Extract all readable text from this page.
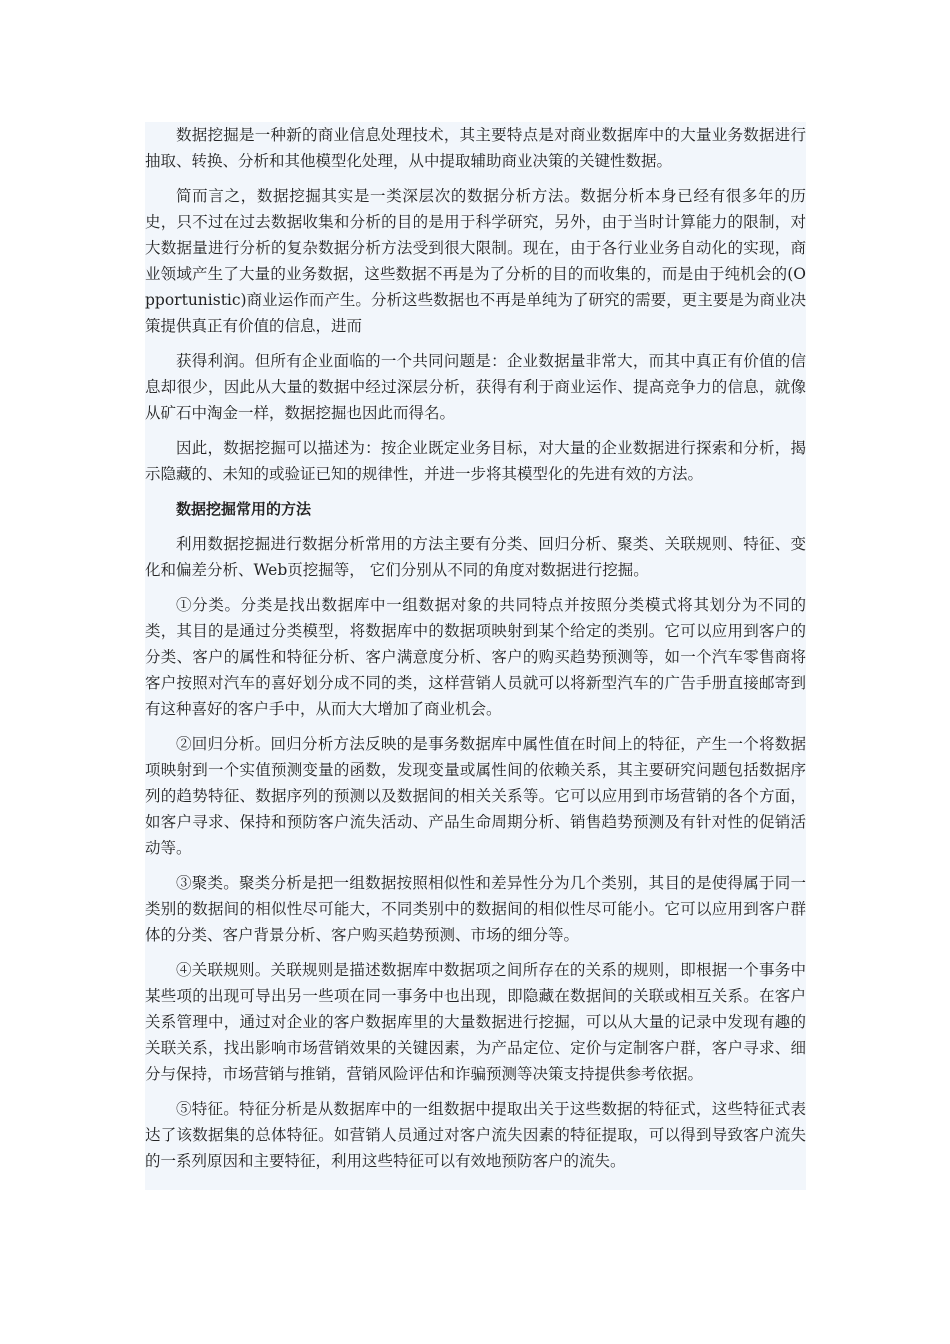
数据挖掘是一种新的商业信息处理技术，其主要特点是对商业数据库中的大量业务数据进行抽取、转换、分析和其他模型化处理，从中提取辅助商业决策的关键性数据。

简而言之，数据挖掘其实是一类深层次的数据分析方法。数据分析本身已经有很多年的历史，只不过在过去数据收集和分析的目的是用于科学研究，另外，由于当时计算能力的限制，对大数据量进行分析的复杂数据分析方法受到很大限制。现在，由于各行业业务自动化的实现，商业领域产生了大量的业务数据，这些数据不再是为了分析的目的而收集的，而是由于纯机会的(Opportunistic)商业运作而产生。分析这些数据也不再是单纯为了研究的需要，更主要是为商业决策提供真正有价值的信息，进而

获得利润。但所有企业面临的一个共同问题是：企业数据量非常大，而其中真正有价值的信息却很少，因此从大量的数据中经过深层分析，获得有利于商业运作、提高竞争力的信息，就像从矿石中淘金一样，数据挖掘也因此而得名。

因此，数据挖掘可以描述为：按企业既定业务目标，对大量的企业数据进行探索和分析，揭示隐藏的、未知的或验证已知的规律性，并进一步将其模型化的先进有效的方法。

数据挖掘常用的方法

利用数据挖掘进行数据分析常用的方法主要有分类、回归分析、聚类、关联规则、特征、变化和偏差分析、Web页挖掘等， 它们分别从不同的角度对数据进行挖掘。

①分类。分类是找出数据库中一组数据对象的共同特点并按照分类模式将其划分为不同的类，其目的是通过分类模型，将数据库中的数据项映射到某个给定的类别。它可以应用到客户的分类、客户的属性和特征分析、客户满意度分析、客户的购买趋势预测等，如一个汽车零售商将客户按照对汽车的喜好划分成不同的类，这样营销人员就可以将新型汽车的广告手册直接邮寄到有这种喜好的客户手中，从而大大增加了商业机会。

②回归分析。回归分析方法反映的是事务数据库中属性值在时间上的特征，产生一个将数据项映射到一个实值预测变量的函数，发现变量或属性间的依赖关系，其主要研究问题包括数据序列的趋势特征、数据序列的预测以及数据间的相关关系等。它可以应用到市场营销的各个方面，如客户寻求、保持和预防客户流失活动、产品生命周期分析、销售趋势预测及有针对性的促销活动等。

③聚类。聚类分析是把一组数据按照相似性和差异性分为几个类别，其目的是使得属于同一类别的数据间的相似性尽可能大，不同类别中的数据间的相似性尽可能小。它可以应用到客户群体的分类、客户背景分析、客户购买趋势预测、市场的细分等。

④关联规则。关联规则是描述数据库中数据项之间所存在的关系的规则，即根据一个事务中某些项的出现可导出另一些项在同一事务中也出现，即隐藏在数据间的关联或相互关系。在客户关系管理中，通过对企业的客户数据库里的大量数据进行挖掘，可以从大量的记录中发现有趣的关联关系，找出影响市场营销效果的关键因素，为产品定位、定价与定制客户群，客户寻求、细分与保持，市场营销与推销，营销风险评估和诈骗预测等决策支持提供参考依据。

⑤特征。特征分析是从数据库中的一组数据中提取出关于这些数据的特征式，这些特征式表达了该数据集的总体特征。如营销人员通过对客户流失因素的特征提取，可以得到导致客户流失的一系列原因和主要特征，利用这些特征可以有效地预防客户的流失。
